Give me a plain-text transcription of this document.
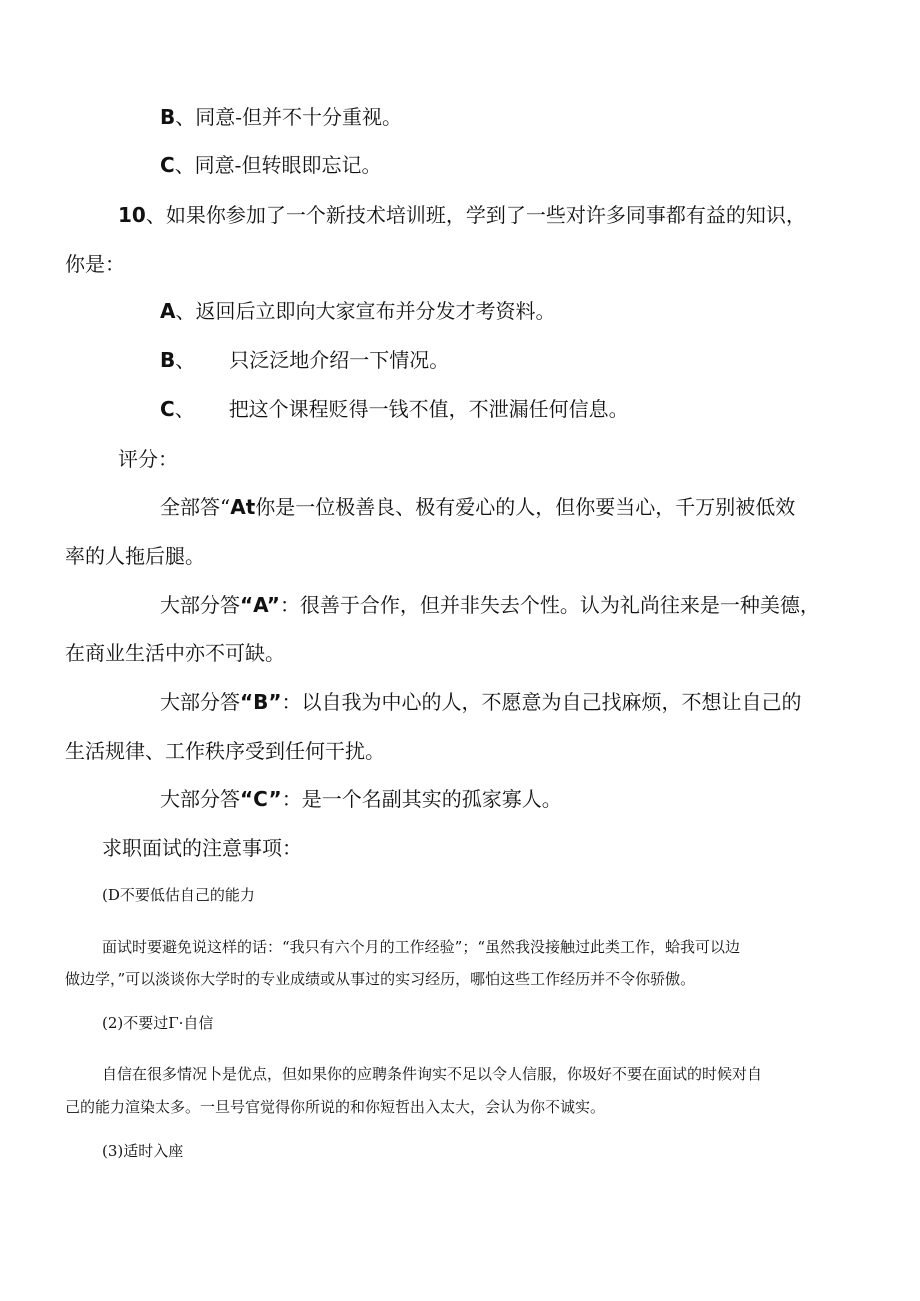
B、同意-但并不十分重视。
C、同意-但转眼即忘记。
10、如果你参加了一个新技术培训班，学到了一些对许多同事都有益的知识，
你是：
A、返回后立即向大家宣布并分发才考资料。
B、 只泛泛地介绍一下情况。
C、 把这个课程贬得一钱不值，不泄漏任何信息。
评分：
全部答“At你是一位极善良、极有爱心的人，但你要当心，千万别被低效
率的人拖后腿。
大部分答“A”：很善于合作，但并非失去个性。认为礼尚往来是一种美德，
在商业生活中亦不可缺。
大部分答“B”：以自我为中心的人，不愿意为自己找麻烦，不想让自己的
生活规律、工作秩序受到任何干扰。
大部分答“C”：是一个名副其实的孤家寡人。
求职面试的注意事项：
(D不要低估自己的能力
面试时要避免说这样的话：“我只有六个月的工作经验”；“虽然我没接触过此类工作，蛤我可以边
做边学，”可以淡谈你大学时的专业成绩或从事过的实习经历，哪怕这些工作经历并不令你骄傲。
(2)不要过Γ·自信
自信在很多情况卜是优点，但如果你的应聘条件询实不足以令人信服，你圾好不要在面试的时候对自
己的能力渲染太多。一旦号官觉得你所说的和你短哲出入太大，会认为你不诚实。
(3)适时入座
